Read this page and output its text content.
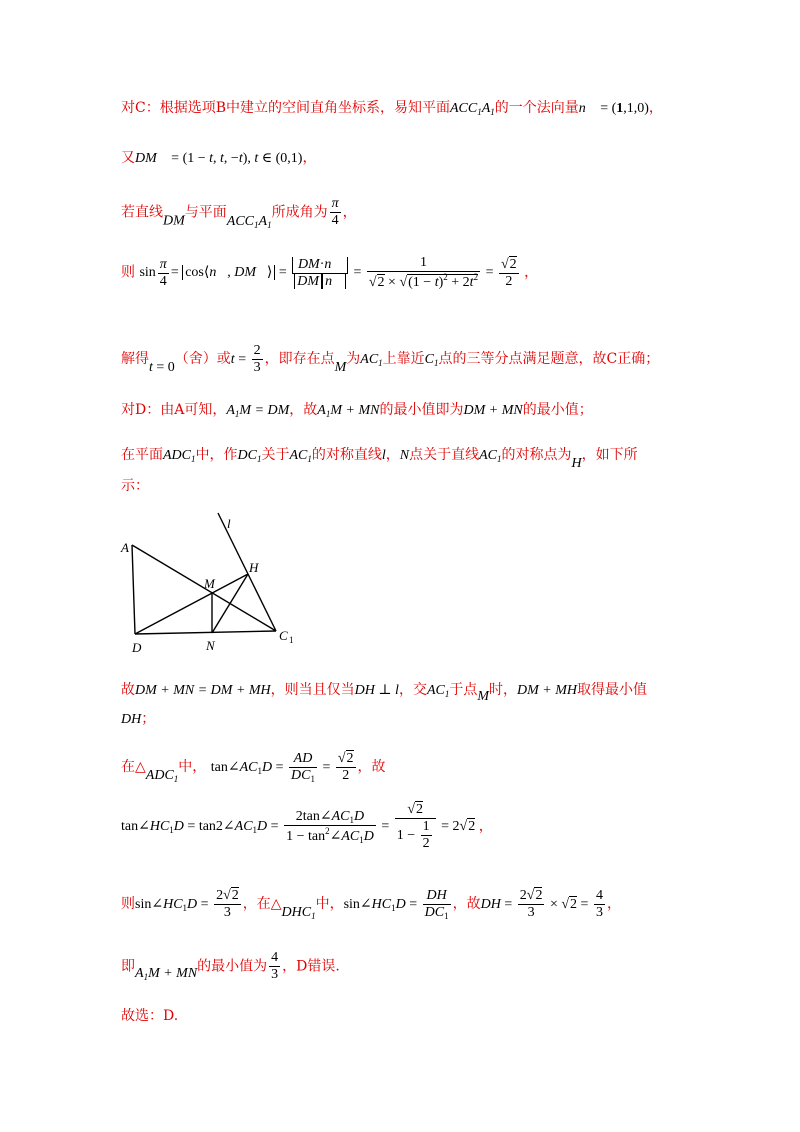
对C：根据选项B中建立的空间直角坐标系，易知平面$ACC_1A_1$的一个法向量n⃗ = (1,1,0)，
又DM⃗ = (1 − t, t, −t), t ∈ (0,1)，
若直线DM与平面$ACC_1A_1$所成角为 $\frac{\pi}{4}$ ，
则 $\sin \frac{\pi}{4}$ = cos⟨n⃗, DM⃗⟩ = $\frac{DM\cdot n⃗}{\text{DM n⃗}} = \frac{1}{√2 \times √(1 - t)^2 + 2t^2} = \frac{√2}{2}$ ，
解得t = 0（舍）或$t = \frac{2}{3}$ ，即存在点M为$AC_1$上靠近$C_1$点的三等分点满足题意，故C正确；
对D：由A可知，$A_1M$ = DM，故$A_1M$ + MN的最小值即为DM + MN的最小值；
在平面$ADC_1$中，作$DC_1$关于$AC_1$的对称直线l，N点关于直线$AC_1$的对称点为H，如下所
示：
A
D	N
M
H
C 1
l
故DM + MN = DM + MH，则当且仅当DH ⊥ l，交$AC_1$于点M时，DM + MH取得最小值
DH；
在$\triangle ADC_1$中， $\tan\angle AC_1D = \frac{AD}{DC_1} = \frac{√2}{2}$ ，故
$\tan\angle HC_1D$ = $\tan 2\angle AC_1D = \frac{2\tan\angle AC_1D}{1 - \tan^2\angle AC_1D} = \frac{√2}{1 - \frac{1}{2}} = 2√2$ ，
则$\sin\angle HC_1D = \frac{2√2}{3}$ ，在$\triangle DHC_1$中，$\sin\angle HC_1D = \frac{DH}{DC_1}$ ，故DH = $\frac{2√2}{3} \times √2 = \frac{4}{3}$ ，
即$A_1M$ + MN的最小值为 $\frac{4}{3}$ ，D错误.
故选：D.
